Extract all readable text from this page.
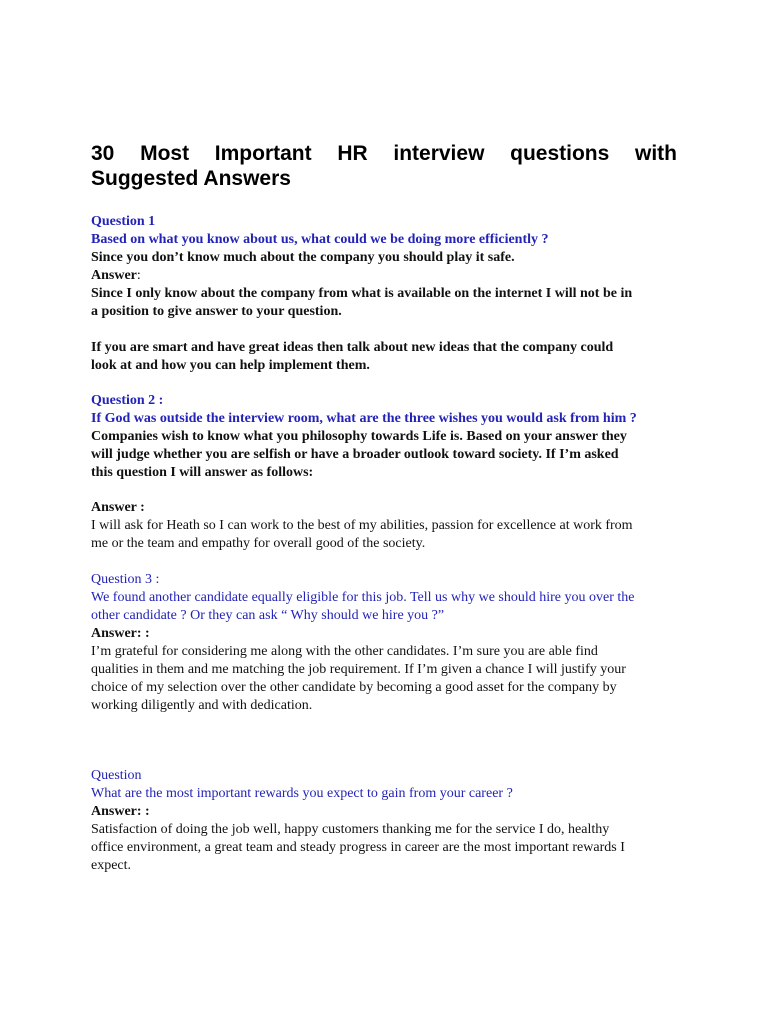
30 Most Important HR interview questions with
Suggested Answers
Question 1
Based on what you know about us, what could we be doing more efficiently ?
Since you don’t know much about the company you should play it safe.
Answer:
Since I only know about the company from what is available on the internet I will not be in
a position to give answer to your question.
If you are smart and have great ideas then talk about new ideas that the company could
look at and how you can help implement them.
Question 2 :
If God was outside the interview room, what are the three wishes you would ask from him ?
Companies wish to know what you philosophy towards Life is. Based on your answer they
will judge whether you are selfish or have a broader outlook toward society. If I’m asked
this question I will answer as follows:
Answer :
I will ask for Heath so I can work to the best of my abilities, passion for excellence at work from
me or the team and empathy for overall good of the society.
Question 3 :
We found another candidate equally eligible for this job. Tell us why we should hire you over the
other candidate ? Or they can ask “ Why should we hire you ?”
Answer: :
I’m grateful for considering me along with the other candidates. I’m sure you are able find
qualities in them and me matching the job requirement. If I’m given a chance I will justify your
choice of my selection over the other candidate by becoming a good asset for the company by
working diligently and with dedication.
Question
What are the most important rewards you expect to gain from your career ?
Answer: :
Satisfaction of doing the job well, happy customers thanking me for the service I do, healthy
office environment, a great team and steady progress in career are the most important rewards I
expect.
